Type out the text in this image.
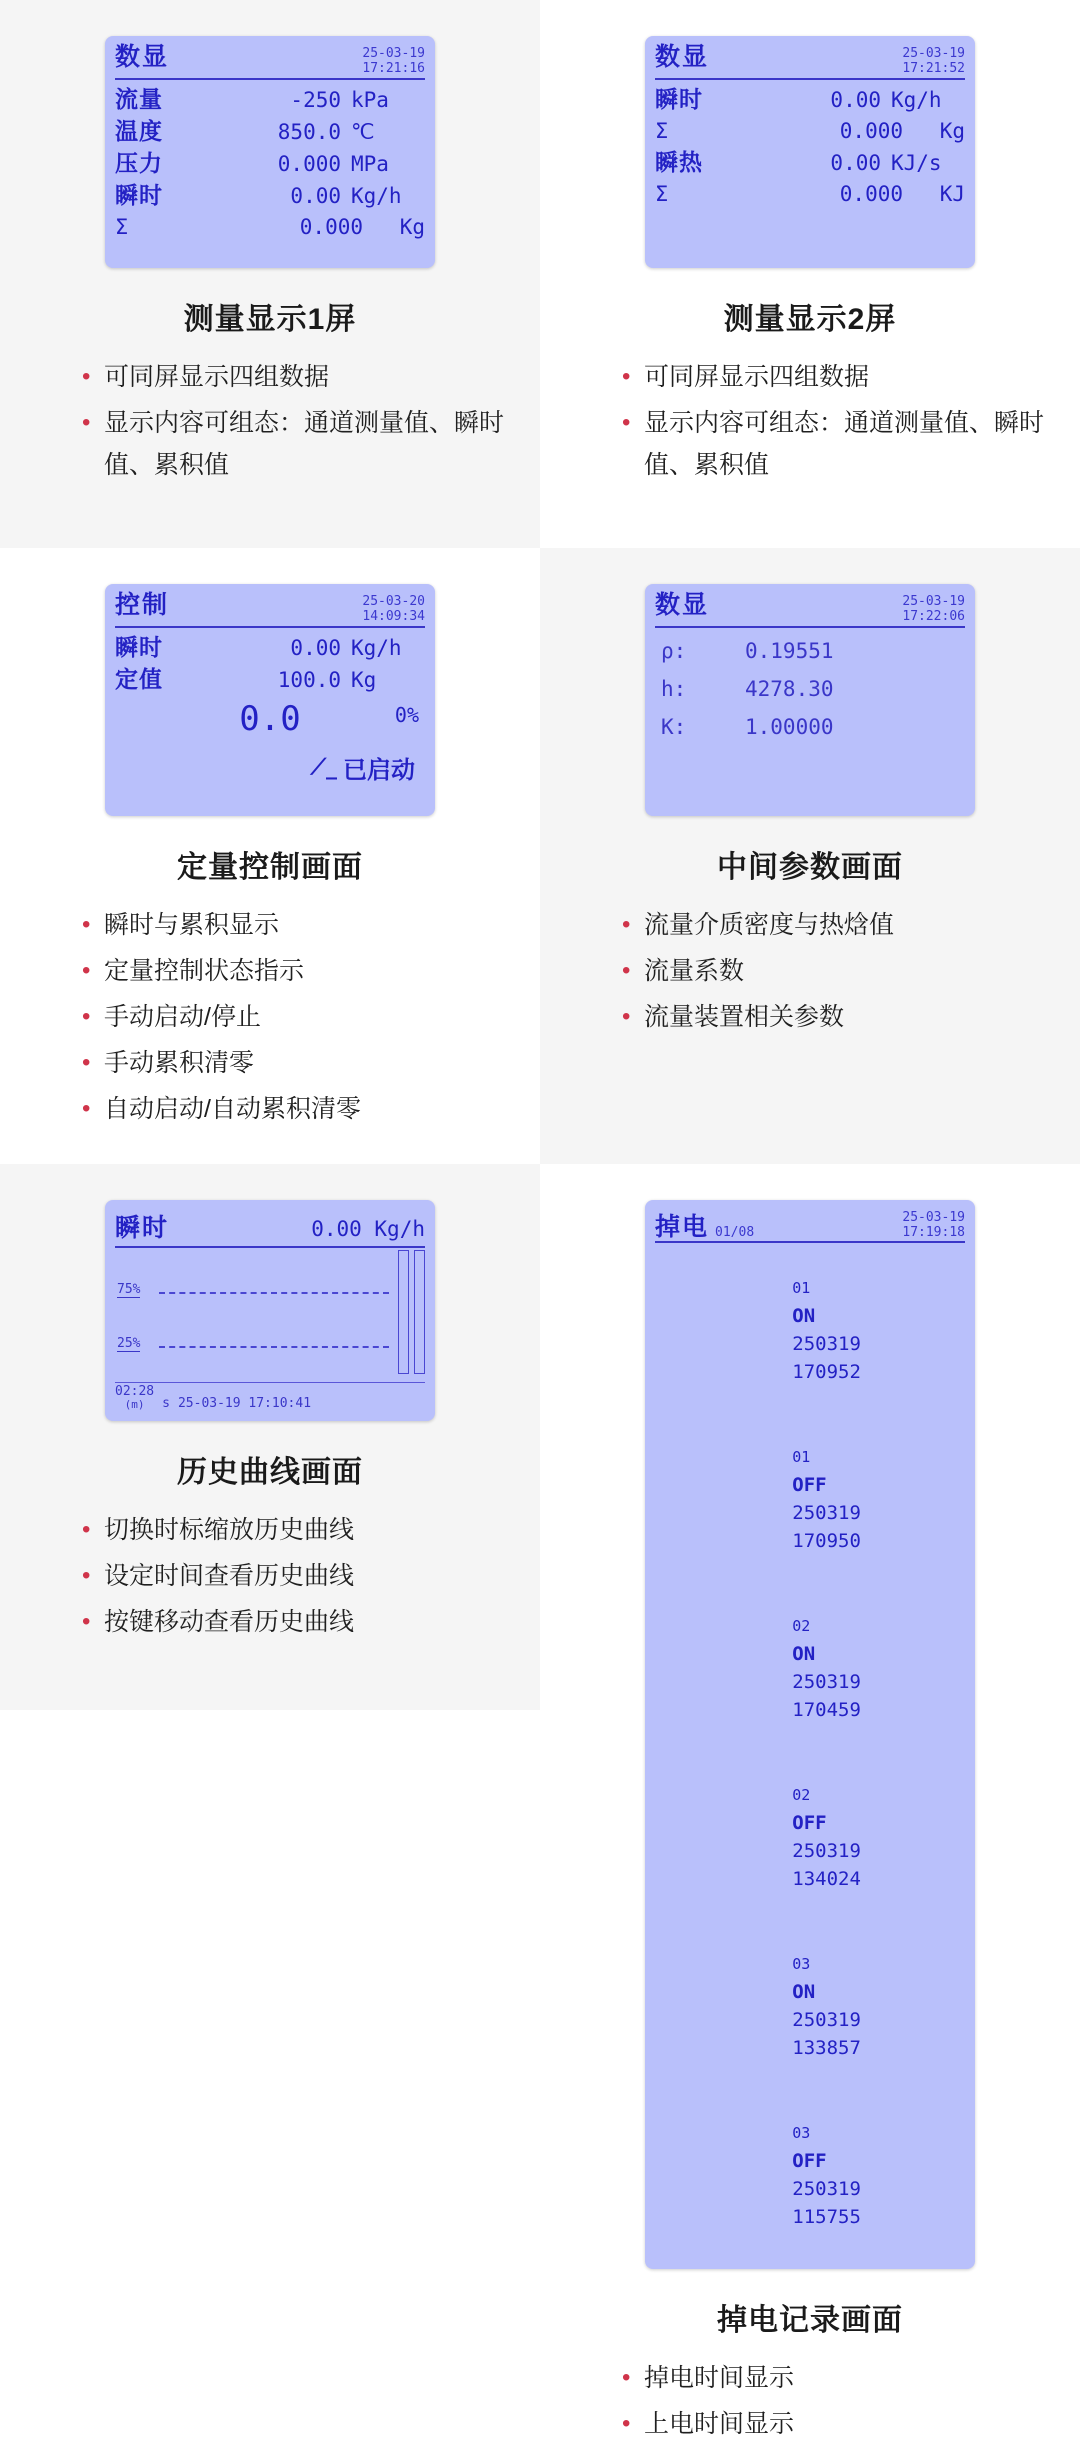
数显	25-03-19
17:21:16
流量	-250 kPa
温度	850.0 ℃
压力	0.000 MPa
瞬时	0.00 Kg/h
Σ	0.000	Kg
测量显示1屏
• 可同屏显示四组数据
• 显示内容可组态：通道测量值、瞬时值、累积值
数显	25-03-19
17:21:52
瞬时	0.00 Kg/h
Σ	0.000	Kg
瞬热	0.00 KJ/s
Σ	0.000	KJ

测量显示2屏
• 可同屏显示四组数据
• 显示内容可组态：通道测量值、瞬时值、累积值
控制	25-03-20
14:09:34
瞬时	0.00 Kg/h
定值	100.0 Kg
0.0	0%
⟋_ 已启动
定量控制画面
• 瞬时与累积显示
• 定量控制状态指示
• 手动启动/停止
• 手动累积清零
• 自动启动/自动累积清零
数显	25-03-19
17:22:06
ρ:	0.19551
h:	4278.30
K:	1.00000

中间参数画面
• 流量介质密度与热焓值
• 流量系数
• 流量装置相关参数
瞬时	0.00 Kg/h
75%
25%
02:28
(m)	s 25-03-19 17:10:41
历史曲线画面
• 切换时标缩放历史曲线
• 设定时间查看历史曲线
• 按键移动查看历史曲线
掉电 01/08
25-03-19
17:19:18

01
ON
250319
170952

01
OFF
250319
170950

02
ON
250319
170459

02
OFF
250319
134024

03
ON
250319
133857

03
OFF
250319
115755

掉电记录画面
• 掉电时间显示
• 上电时间显示
